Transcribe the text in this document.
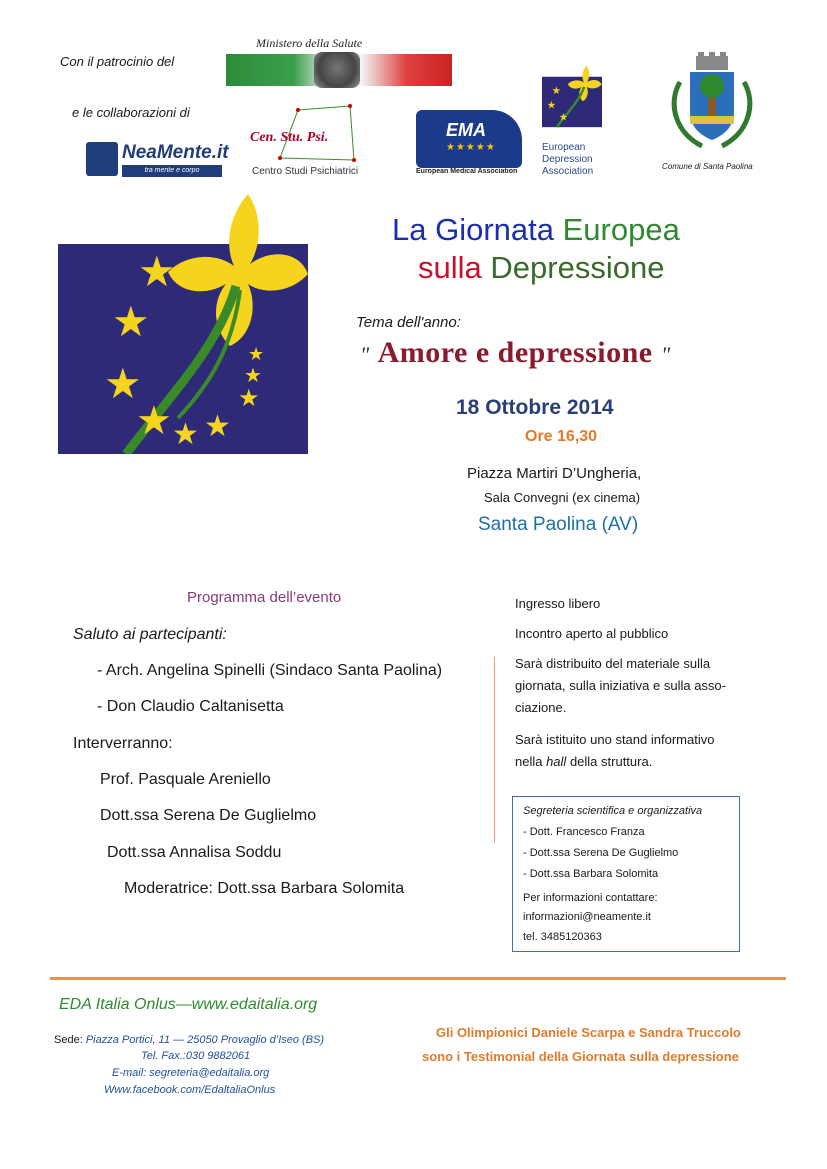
Con il patrocinio del
e le collaborazioni di
Ministero della Salute
NeaMente.it
tra mente e corpo
Cen. Stu. Psi.
Centro Studi Psichiatrici
EMA
★★★★★
European Medical Association
★
★
★
European
Depression
Association	Comune di Santa Paolina
★
★
★
★ ★ ★
★
★
★
La Giornata Europea
sulla Depressione
Tema dell'anno:
" Amore e depressione "
18 Ottobre 2014
Ore 16,30
Piazza Martiri D’Ungheria,
Sala Convegni (ex cinema)
Santa Paolina (AV)
Programma dell’evento
Saluto ai partecipanti:
- Arch. Angelina Spinelli (Sindaco Santa Paolina)
- Don Claudio Caltanisetta
Interverranno:
Prof. Pasquale Areniello
Dott.ssa Serena De Guglielmo
Dott.ssa Annalisa Soddu
Moderatrice: Dott.ssa Barbara Solomita
Ingresso libero
Incontro aperto al pubblico
Sarà distribuito del materiale sulla
giornata, sulla iniziativa e sulla asso-
ciazione.
Sarà istituito uno stand informativo
nella hall della struttura.
Segreteria scientifica e organizzativa
- Dott. Francesco Franza
- Dott.ssa Serena De Guglielmo
- Dott.ssa Barbara Solomita
Per informazioni contattare:
informazioni@neamente.it
tel. 3485120363
EDA Italia Onlus—www.edaitalia.org
Sede: Piazza Portici, 11 — 25050 Provaglio d’Iseo (BS)
Tel. Fax.:030 9882061
E-mail: segreteria@edaitalia.org
Www.facebook.com/EdaltaliaOnlus
Gli Olimpionici Daniele Scarpa e Sandra Truccolo
sono i Testimonial della Giornata sulla depressione
